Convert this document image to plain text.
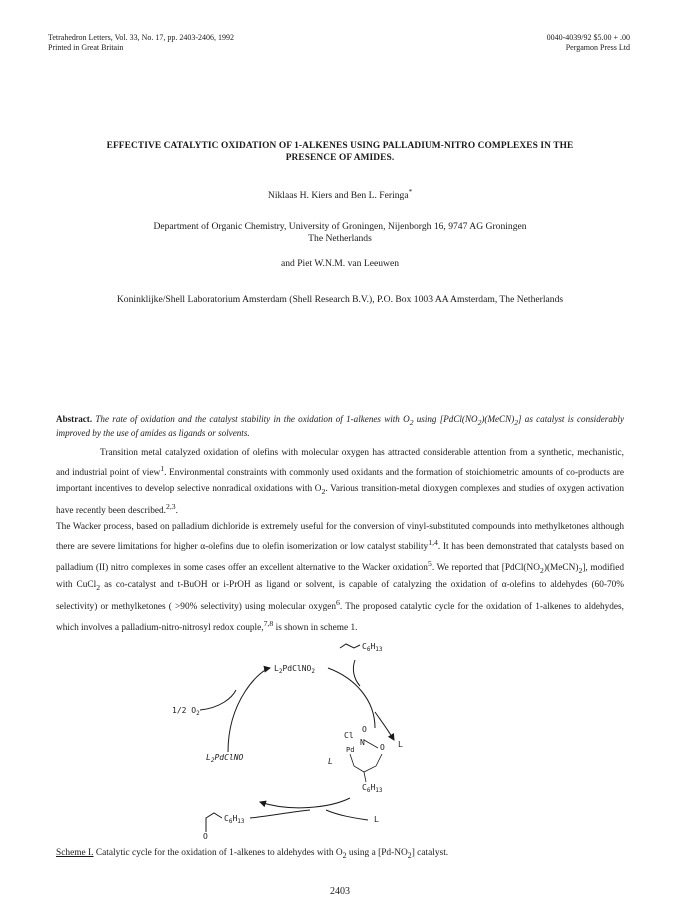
Tetrahedron Letters, Vol. 33, No. 17, pp. 2403-2406, 1992
Printed in Great Britain
0040-4039/92 $5.00 + .00
Pergamon Press Ltd
EFFECTIVE CATALYTIC OXIDATION OF 1-ALKENES USING PALLADIUM-NITRO COMPLEXES IN THE
PRESENCE OF AMIDES.
Niklaas H. Kiers and Ben L. Feringa*
Department of Organic Chemistry, University of Groningen, Nijenborgh 16, 9747 AG Groningen
The Netherlands
and Piet W.N.M. van Leeuwen
Koninklijke/Shell Laboratorium Amsterdam (Shell Research B.V.), P.O. Box 1003 AA Amsterdam, The Netherlands
Abstract. The rate of oxidation and the catalyst stability in the oxidation of 1-alkenes with $O_2$ using $[PdCl(NO_2)(MeCN)_2]$ as catalyst is considerably improved by the use of amides as ligands or solvents.

Transition metal catalyzed oxidation of olefins with molecular oxygen has attracted considerable attention from a synthetic, mechanistic, and industrial point of view$^1$. Environmental constraints with commonly used oxidants and the formation of stoichiometric amounts of co-products are important incentives to develop selective nonradical oxidations with $O_2$. Various transition-metal dioxygen complexes and studies of oxygen activation have recently been described.$^{2,3}$.

The Wacker process, based on palladium dichloride is extremely useful for the conversion of vinyl-substituted compounds into methylketones although there are severe limitations for higher α-olefins due to olefin isomerization or low catalyst stability$^{1,4}$. It has been demonstrated that catalysts based on palladium (II) nitro complexes in some cases offer an excellent alternative to the Wacker oxidation$^5$. We reported that $[PdCl(NO_2)(MeCN)_2]$, modified with CuCl$_2$ as co-catalyst and t-BuOH or i-PrOH as ligand or solvent, is capable of catalyzing the oxidation of α-olefins to aldehydes (60-70% selectivity) or methylketones ( >90% selectivity) using molecular oxygen$^6$. The proposed catalytic cycle for the oxidation of 1-alkenes to aldehydes, which involves a palladium-nitro-nitrosyl redox couple,$^{7,8}$ is shown in scheme 1.

$C_6H_{13}$
$L_2PdClNO_2$
1/2 $O_2$
L
$L_2PdClNO$
Cl
O
N
Pd	O
L
$C_6H_{13}$
$C_6H_{13}$
O
L
Scheme I. Catalytic cycle for the oxidation of 1-alkenes to aldehydes with $O_2$ using a $[Pd-NO_2]$ catalyst.
2403
